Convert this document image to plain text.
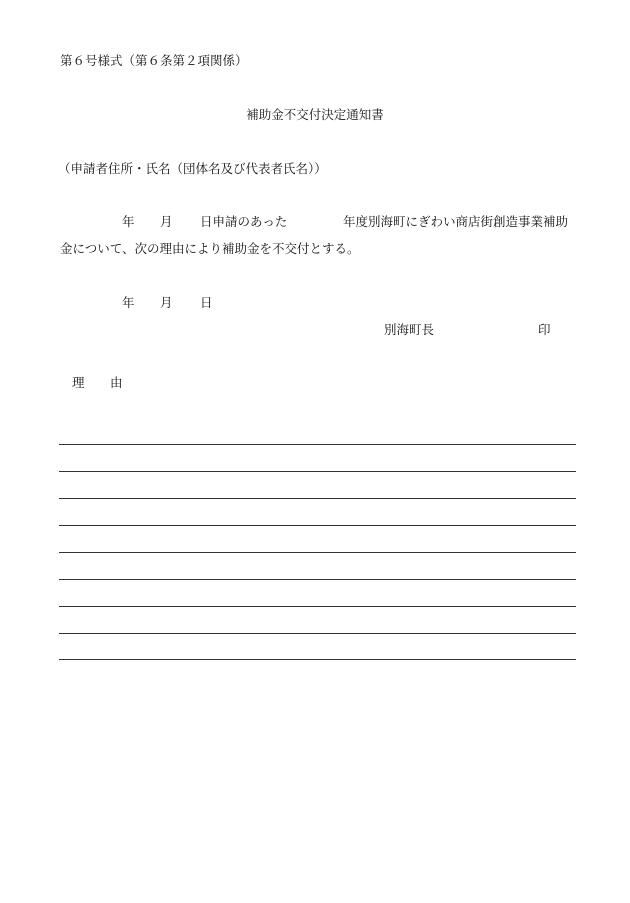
第６号様式（第６条第２項関係）
補助金不交付決定通知書
（申請者住所・氏名（団体名及び代表者氏名））
年 月 日申請のあった	年度別海町にぎわい商店街創造事業補助
金について、次の理由により補助金を不交付とする。
年 月 日
別海町長	印
理 由
